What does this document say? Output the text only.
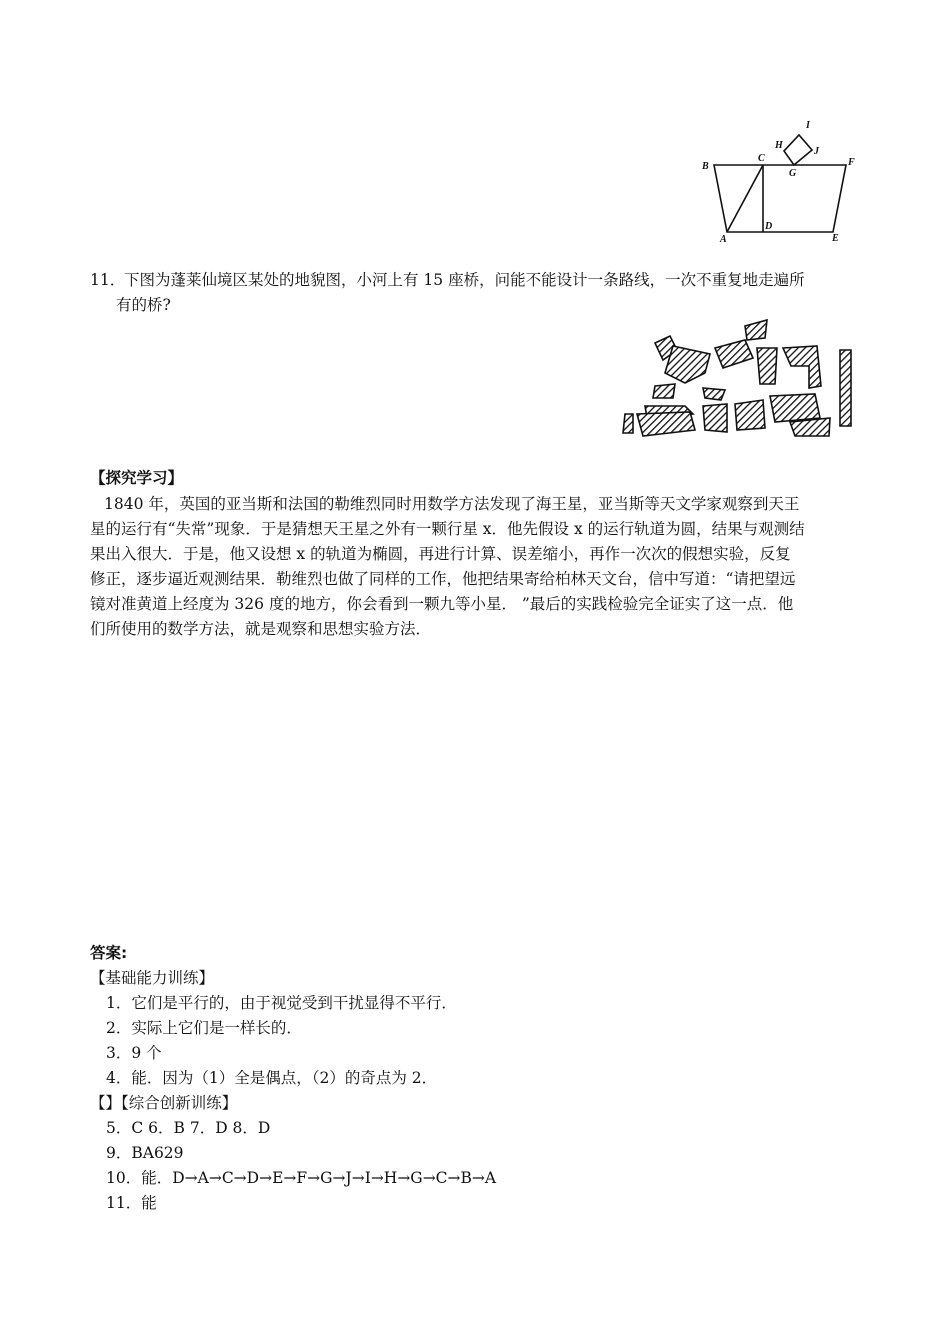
B
C	F
G
H
I
J
A
D
E
11．
下图为蓬莱仙境区某处的地貌图，小河上有 15 座桥，问能不能设计一条路线，一次不重复地走遍所
有的桥?
【探究学习】
1840 年，英国的亚当斯和法国的勒维烈同时用数学方法发现了海王星，亚当斯等天文学家观察到天王
星的运行有“失常”现象．于是猜想天王星之外有一颗行星 x．他先假设 x 的运行轨道为圆，结果与观测结
果出入很大．于是，他又设想 x 的轨道为椭圆，再进行计算、误差缩小，再作一次次的假想实验，反复
修正，逐步逼近观测结果．勒维烈也做了同样的工作，他把结果寄给柏林天文台，信中写道：“请把望远
镜对准黄道上经度为 326 度的地方，你会看到一颗九等小星． ”最后的实践检验完全证实了这一点．他
们所使用的数学方法，就是观察和思想实验方法．
答案:
【基础能力训练】
1．它们是平行的，由于视觉受到干扰显得不平行．
2．实际上它们是一样长的．
3．9 个
4．能．因为（1）全是偶点，（2）的奇点为 2．
【】【综合创新训练】
5．C 6．B 7．D 8．D
9．BA629
10．能．D→A→C→D→E→F→G→J→I→H→G→C→B→A
11．能
